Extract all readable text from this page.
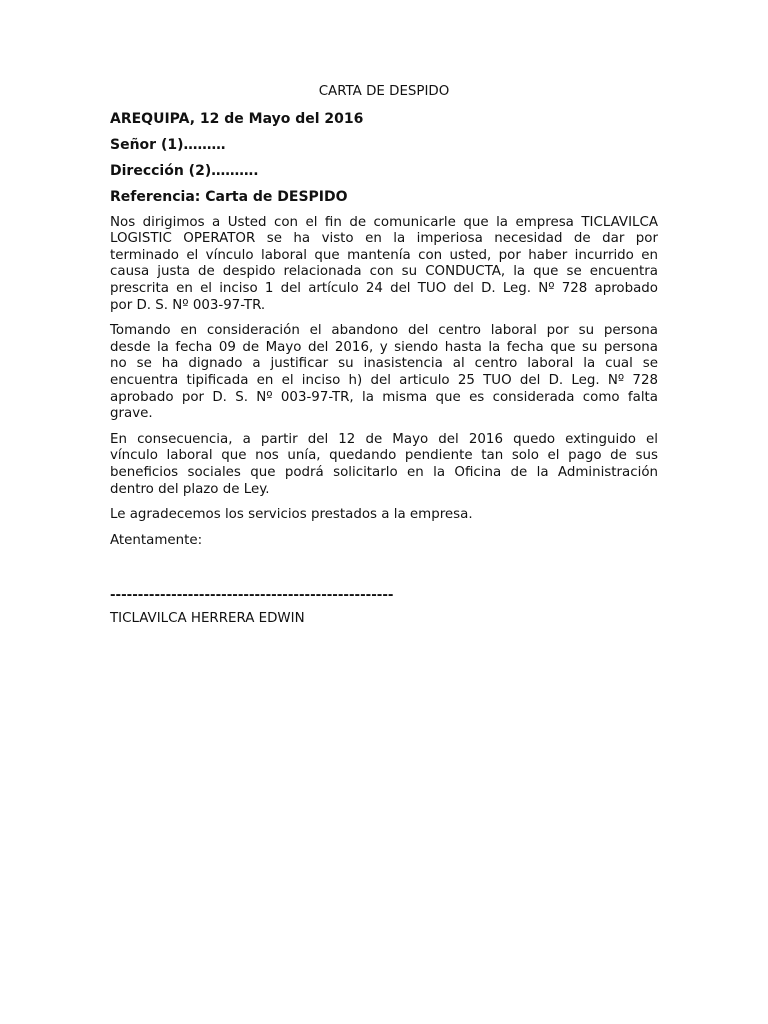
CARTA DE DESPIDO
AREQUIPA, 12 de Mayo del 2016
Señor (1)………
Dirección (2)……….
Referencia: Carta de DESPIDO
Nos dirigimos a Usted con el fin de comunicarle que la empresa TICLAVILCA
LOGISTIC OPERATOR se ha visto en la imperiosa necesidad de dar por
terminado el vínculo laboral que mantenía con usted, por haber incurrido en
causa justa de despido relacionada con su CONDUCTA, la que se encuentra
prescrita en el inciso 1 del artículo 24 del TUO del D. Leg. Nº 728 aprobado
por D. S. Nº 003-97-TR.
Tomando en consideración el abandono del centro laboral por su persona
desde la fecha 09 de Mayo del 2016, y siendo hasta la fecha que su persona
no se ha dignado a justificar su inasistencia al centro laboral la cual se
encuentra tipificada en el inciso h) del articulo 25 TUO del D. Leg. Nº 728
aprobado por D. S. Nº 003-97-TR, la misma que es considerada como falta
grave.
En consecuencia, a partir del 12 de Mayo del 2016 quedo extinguido el
vínculo laboral que nos unía, quedando pendiente tan solo el pago de sus
beneficios sociales que podrá solicitarlo en la Oficina de la Administración
dentro del plazo de Ley.
Le agradecemos los servicios prestados a la empresa.
Atentamente:
---------------------------------------------------
TICLAVILCA HERRERA EDWIN
